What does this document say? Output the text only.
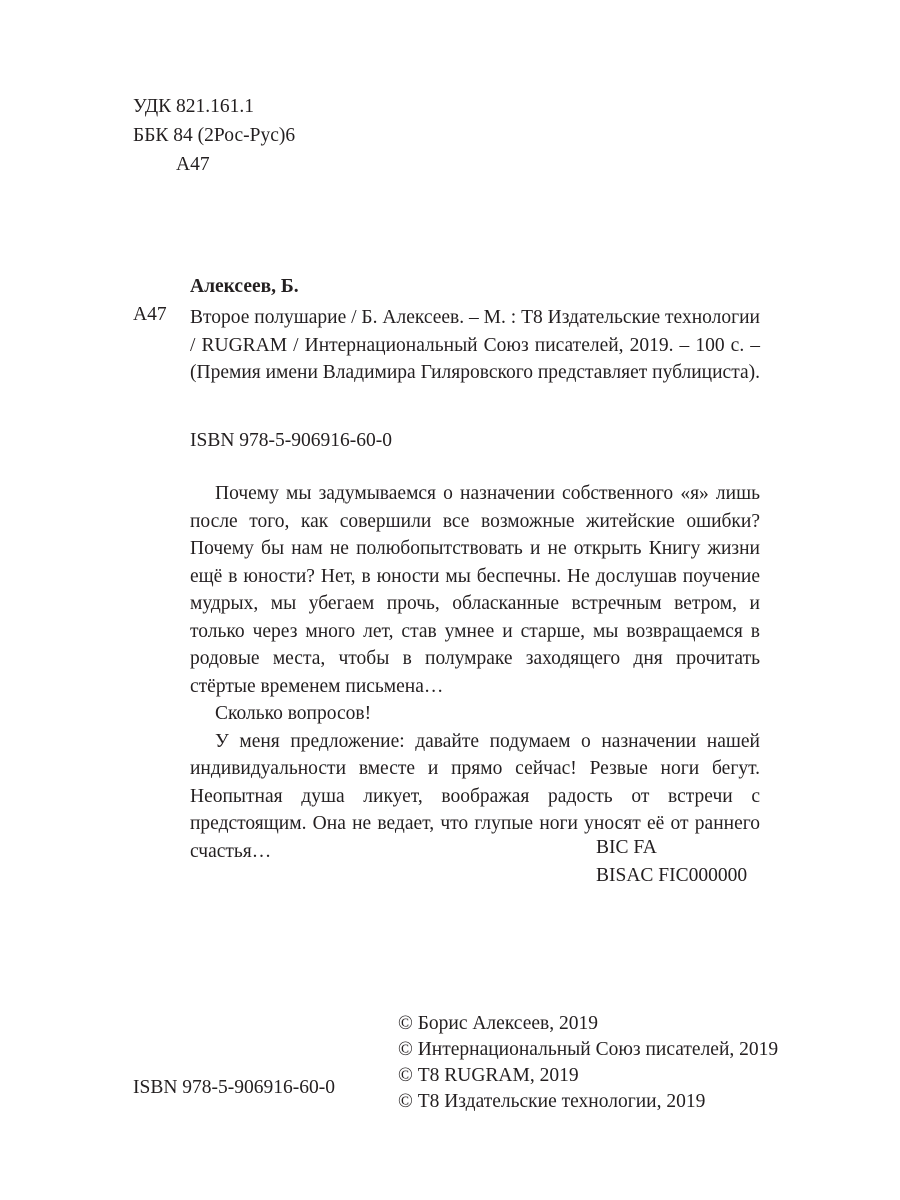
УДК 821.161.1
ББК 84 (2Рос-Рус)6
А47
Алексеев, Б.
А47 Второе полушарие / Б. Алексеев. – М. : Т8 Издательские технологии / RUGRAM / Интернациональный Союз писателей, 2019. – 100 с. – (Премия имени Владимира Гиляровского представляет публициста).

ISBN 978-5-906916-60-0

Почему мы задумываемся о назначении собственного «я» лишь после того, как совершили все возможные житейские ошибки? Почему бы нам не полюбопытствовать и не открыть Книгу жизни ещё в юности? Нет, в юности мы беспечны. Не дослушав поучение мудрых, мы убегаем прочь, обласканные встречным ветром, и только через много лет, став умнее и старше, мы возвращаемся в родовые места, чтобы в полумраке заходящего дня прочитать стёртые временем письмена…

Сколько вопросов!

У меня предложение: давайте подумаем о назначении нашей индивидуальности вместе и прямо сейчас! Резвые ноги бегут. Неопытная душа ликует, воображая радость от встречи с предстоящим. Она не ведает, что глупые ноги уносят её от раннего счастья…	BIC FA
BISAC FIC000000
© Борис Алексеев, 2019
© Интернациональный Союз писателей, 2019
© Т8 RUGRAM, 2019
© Т8 Издательские технологии, 2019
ISBN 978-5-906916-60-0
